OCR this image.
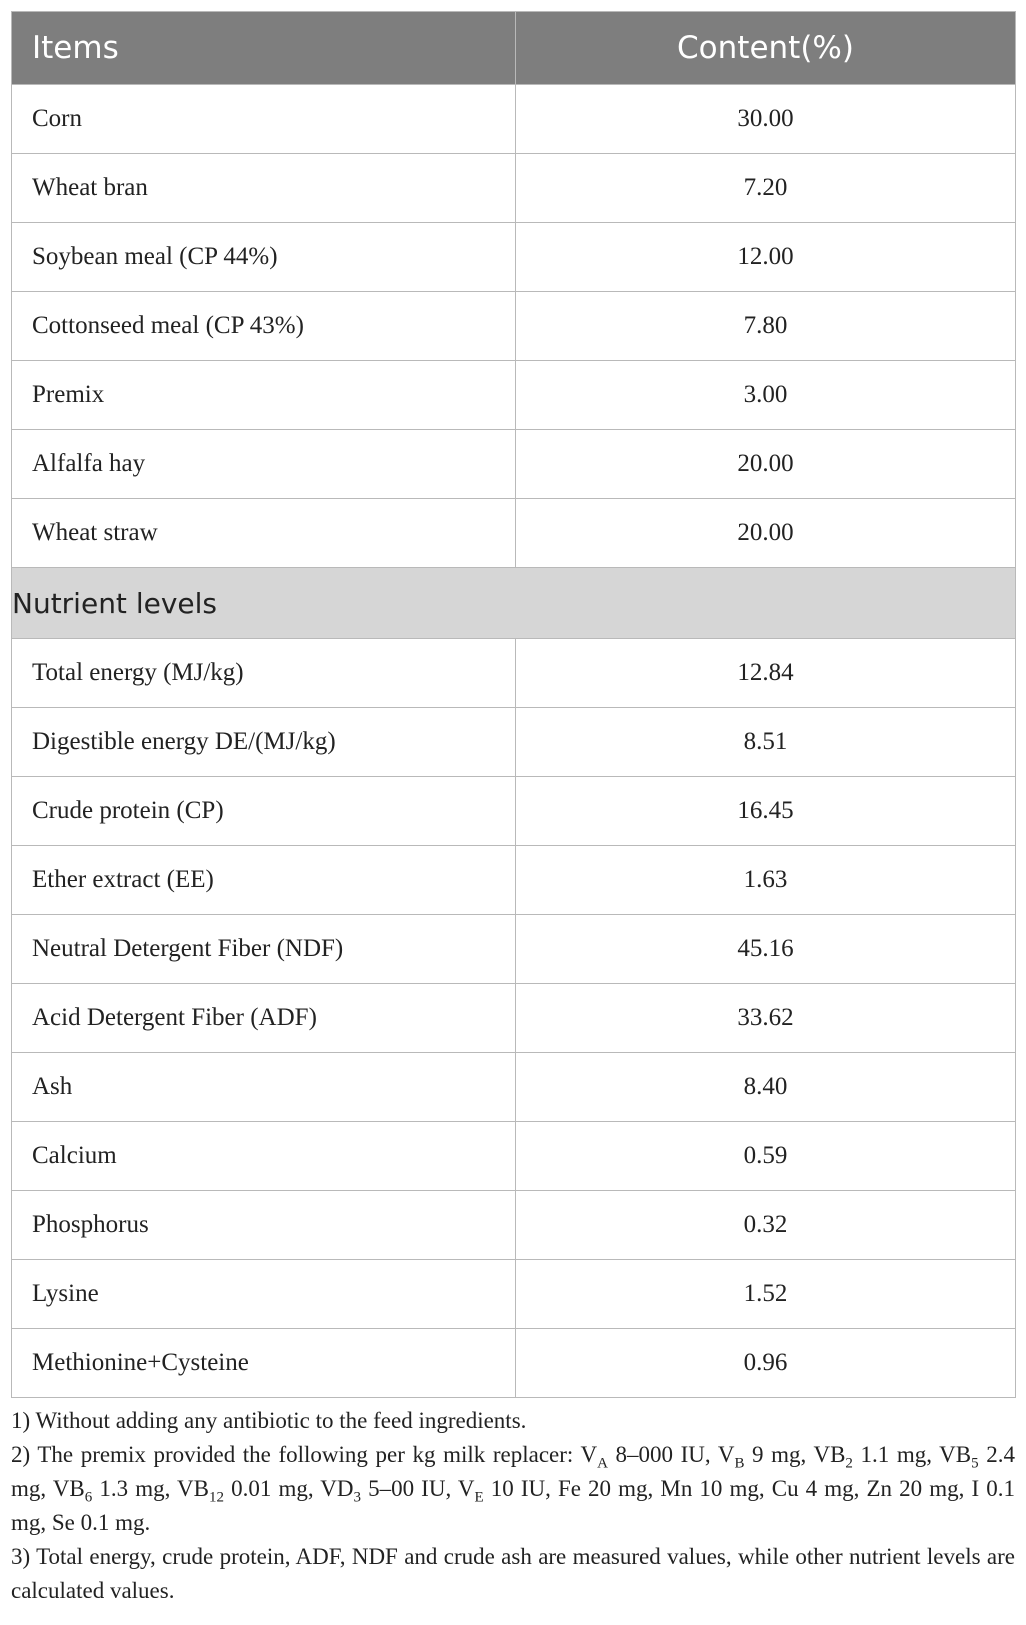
Items	Content(%)
Corn	30.00
Wheat bran	7.20
Soybean meal (CP 44%)	12.00
Cottonseed meal (CP 43%)	7.80
Premix	3.00
Alfalfa hay	20.00
Wheat straw	20.00
Nutrient levels	
Total energy (MJ/kg)	12.84
Digestible energy DE/(MJ/kg)	8.51
Crude protein (CP)	16.45
Ether extract (EE)	1.63
Neutral Detergent Fiber (NDF)	45.16
Acid Detergent Fiber (ADF)	33.62
Ash	8.40
Calcium	0.59
Phosphorus	0.32
Lysine	1.52
Methionine+Cysteine	0.96

1) Without adding any antibiotic to the feed ingredients.

2) The premix provided the following per kg milk replacer: $V_A$ 8–000 IU, $V_B$ 9 mg, $VB_2$ 1.1 mg, $VB_5$ 2.4 mg, $VB_6$ 1.3 mg, $VB_{12}$ 0.01 mg, $VD_3$ 5–00 IU, $V_E$ 10 IU, Fe 20 mg, Mn 10 mg, Cu 4 mg, Zn 20 mg, I 0.1 mg, Se 0.1 mg.

3) Total energy, crude protein, ADF, NDF and crude ash are measured values, while other nutrient levels are calculated values.
